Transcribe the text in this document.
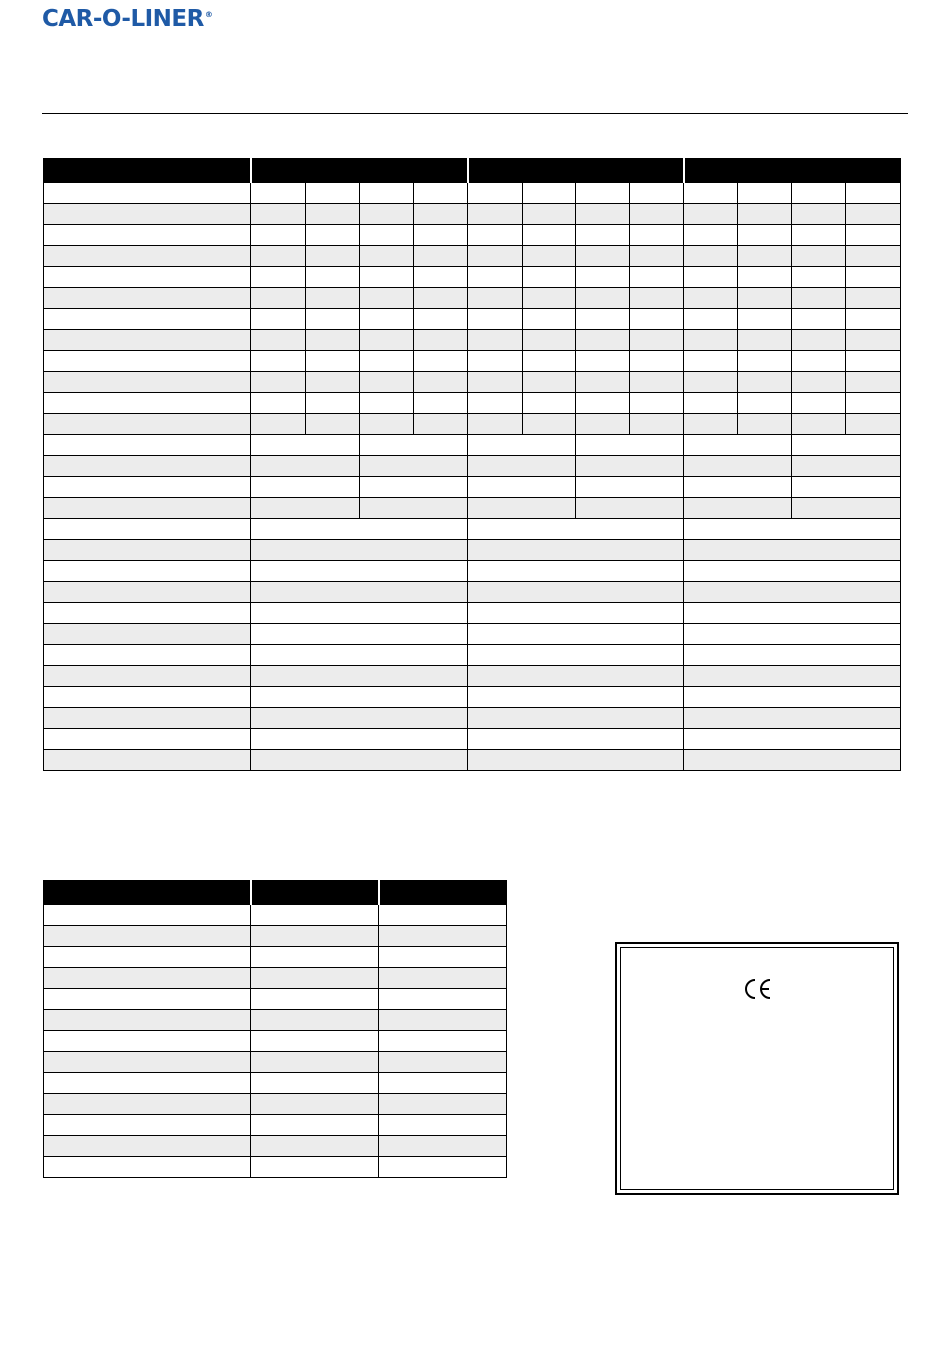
CAR-O-LINER®
